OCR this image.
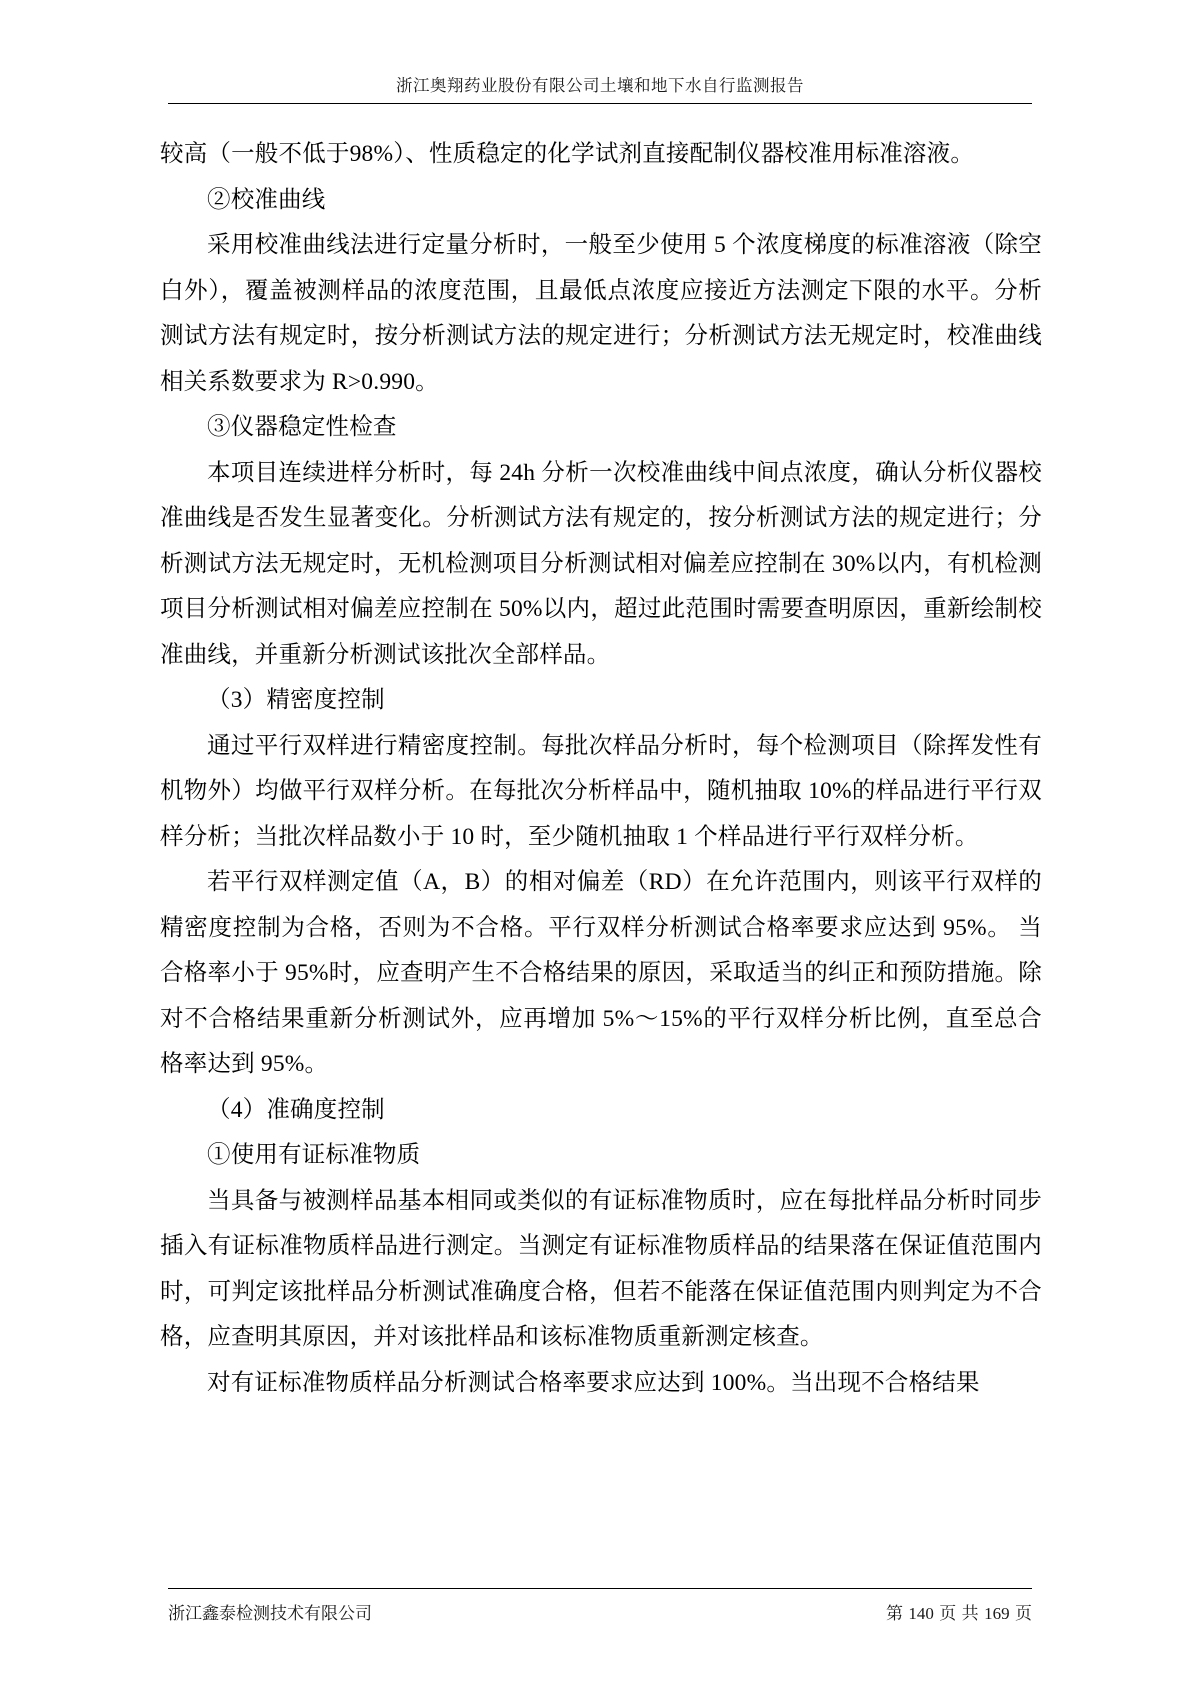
浙江奥翔药业股份有限公司土壤和地下水自行监测报告

较高（一般不低于98%）、性质稳定的化学试剂直接配制仪器校准用标准溶液。

②校准曲线

采用校准曲线法进行定量分析时，一般至少使用 5 个浓度梯度的标准溶液（除空白外），覆盖被测样品的浓度范围，且最低点浓度应接近方法测定下限的水平。分析测试方法有规定时，按分析测试方法的规定进行；分析测试方法无规定时，校准曲线相关系数要求为 R>0.990。

③仪器稳定性检查

本项目连续进样分析时，每 24h 分析一次校准曲线中间点浓度，确认分析仪器校准曲线是否发生显著变化。分析测试方法有规定的，按分析测试方法的规定进行；分析测试方法无规定时，无机检测项目分析测试相对偏差应控制在 30%以内，有机检测项目分析测试相对偏差应控制在 50%以内，超过此范围时需要查明原因，重新绘制校准曲线，并重新分析测试该批次全部样品。

（3）精密度控制

通过平行双样进行精密度控制。每批次样品分析时，每个检测项目（除挥发性有机物外）均做平行双样分析。在每批次分析样品中，随机抽取 10%的样品进行平行双样分析；当批次样品数小于 10 时，至少随机抽取 1 个样品进行平行双样分析。

若平行双样测定值（A，B）的相对偏差（RD）在允许范围内，则该平行双样的精密度控制为合格，否则为不合格。平行双样分析测试合格率要求应达到 95%。 当合格率小于 95%时，应查明产生不合格结果的原因，采取适当的纠正和预防措施。除对不合格结果重新分析测试外，应再增加 5%～15%的平行双样分析比例，直至总合格率达到 95%。

（4）准确度控制

①使用有证标准物质

当具备与被测样品基本相同或类似的有证标准物质时，应在每批样品分析时同步插入有证标准物质样品进行测定。当测定有证标准物质样品的结果落在保证值范围内时，可判定该批样品分析测试准确度合格，但若不能落在保证值范围内则判定为不合格，应查明其原因，并对该批样品和该标准物质重新测定核查。

对有证标准物质样品分析测试合格率要求应达到 100%。当出现不合格结果

浙江鑫泰检测技术有限公司	第 140 页 共 169 页
